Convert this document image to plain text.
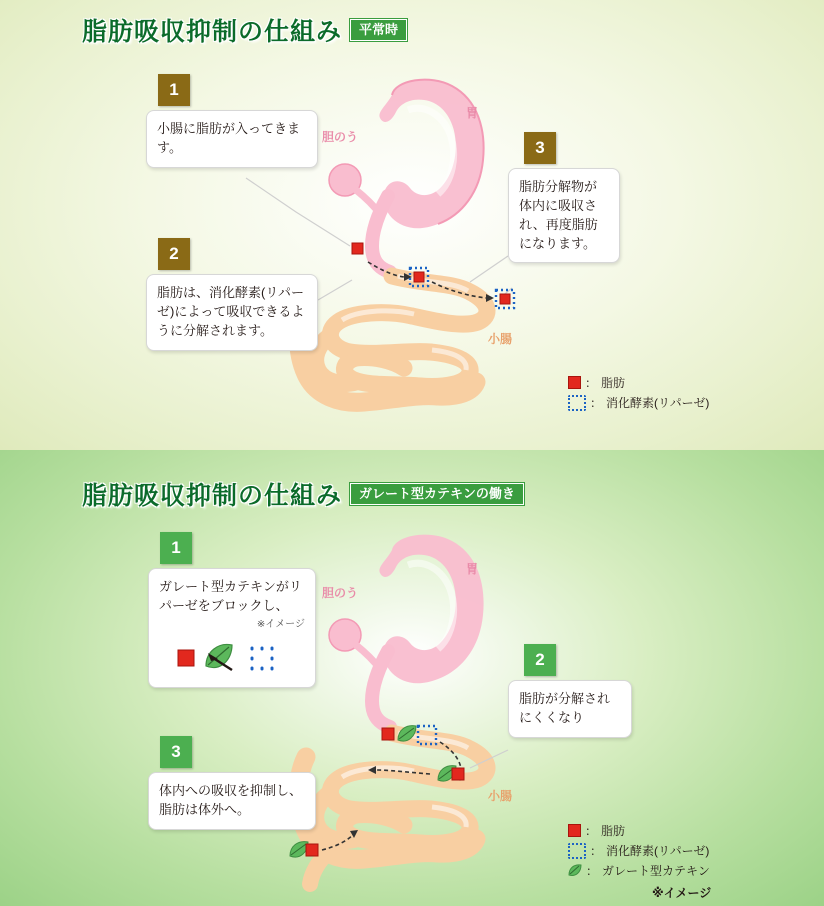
脂肪吸収抑制の仕組み	平常時
1
小腸に脂肪が入ってきます。
2
脂肪は、消化酵素(リパーゼ)によって吸収できるように分解されます。
3
脂肪分解物が体内に吸収され、再度脂肪になります。
胃
胆のう
小腸
： 脂肪
： 消化酵素(リパーゼ)
脂肪吸収抑制の仕組み	ガレート型カテキンの働き
1
ガレート型カテキンがリパーゼをブロックし、
※イメージ
2
脂肪が分解されにくくなり
3
体内への吸収を抑制し、脂肪は体外へ。
胃
胆のう
小腸
： 脂肪
： 消化酵素(リパーゼ)
： ガレート型カテキン
※イメージ
